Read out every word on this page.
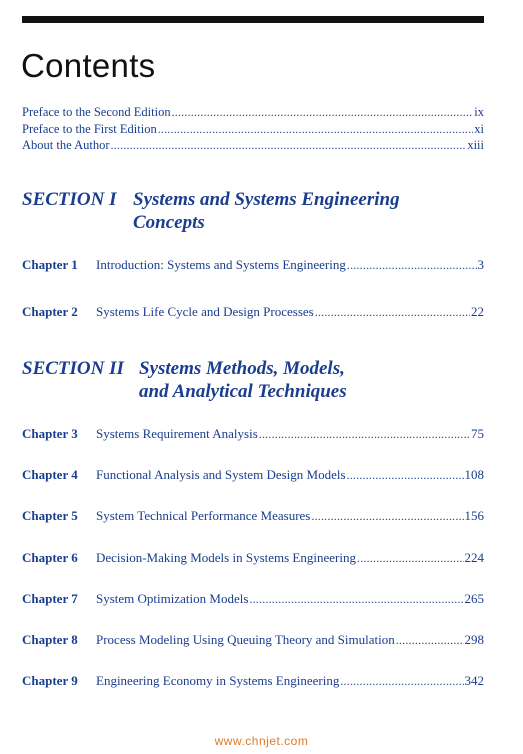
Contents
Preface to the Second Edition .....	ix
Preface to the First Edition .....	xi
About the Author .....	xiii
SECTION I Systems and Systems Engineering
Concepts
Chapter 1	Introduction: Systems and Systems Engineering .....	3
Chapter 2	Systems Life Cycle and Design Processes .....	22
SECTION II Systems Methods, Models,
and Analytical Techniques
Chapter 3	Systems Requirement Analysis .....	75
Chapter 4	Functional Analysis and System Design Models .....	108
Chapter 5	System Technical Performance Measures .....	156
Chapter 6	Decision-Making Models in Systems Engineering .....	224
Chapter 7	System Optimization Models .....	265
Chapter 8	Process Modeling Using Queuing Theory and Simulation .....	298
Chapter 9	Engineering Economy in Systems Engineering .....	342
www.chnjet.com
